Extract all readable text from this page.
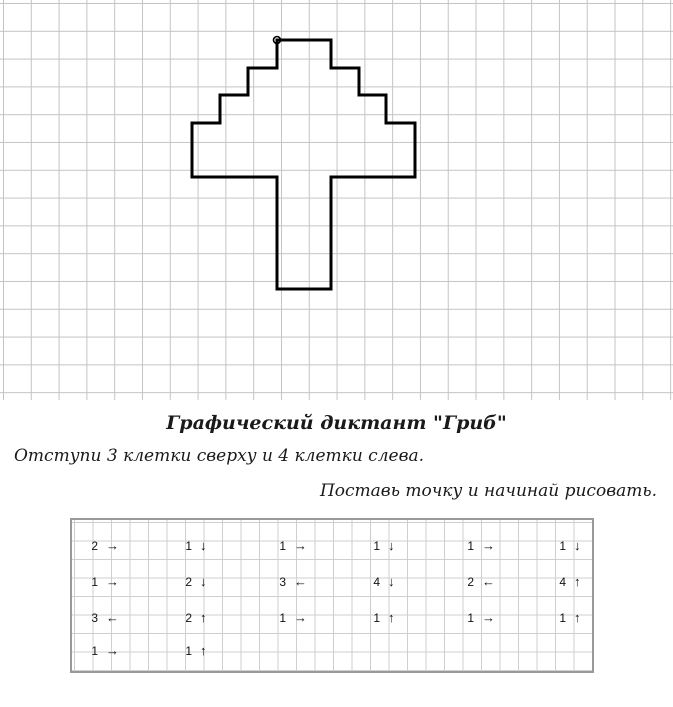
Графический диктант "Гриб"
Отступи 3 клетки сверху и 4 клетки слева.
Поставь точку и начинай рисовать.
2 →	1 ↓	1 →	1 ↓	1 →	1 ↓
1 →	2 ↓	3 ←	4 ↓	2 ←	4 ↑
3 ←	2 ↑	1 →	1 ↑	1 →	1 ↑
1 →	1 ↑
